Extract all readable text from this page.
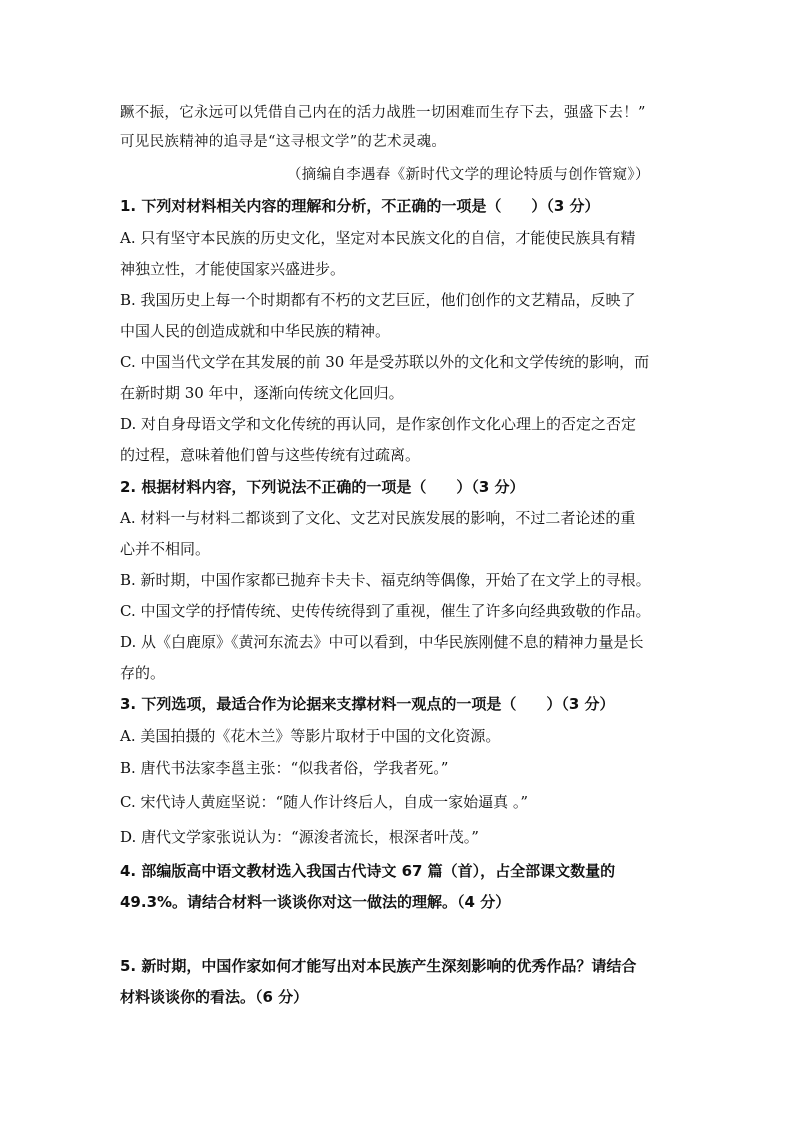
蹶不振，它永远可以凭借自己内在的活力战胜一切困难而生存下去，强盛下去！”
可见民族精神的追寻是“这寻根文学”的艺术灵魂。
（摘编自李遇春《新时代文学的理论特质与创作管窥》）
1. 下列对材料相关内容的理解和分析，不正确的一项是（　　）（3 分）
A. 只有坚守本民族的历史文化，坚定对本民族文化的自信，才能使民族具有精
神独立性，才能使国家兴盛进步。
B. 我国历史上每一个时期都有不朽的文艺巨匠，他们创作的文艺精品，反映了
中国人民的创造成就和中华民族的精神。
C. 中国当代文学在其发展的前 30 年是受苏联以外的文化和文学传统的影响，而
在新时期 30 年中，逐渐向传统文化回归。
D. 对自身母语文学和文化传统的再认同，是作家创作文化心理上的否定之否定
的过程，意味着他们曾与这些传统有过疏离。
2. 根据材料内容，下列说法不正确的一项是（　　）（3 分）
A. 材料一与材料二都谈到了文化、文艺对民族发展的影响，不过二者论述的重
心并不相同。
B. 新时期，中国作家都已抛弃卡夫卡、福克纳等偶像，开始了在文学上的寻根。
C. 中国文学的抒情传统、史传传统得到了重视，催生了许多向经典致敬的作品。
D. 从《白鹿原》《黄河东流去》中可以看到，中华民族刚健不息的精神力量是长
存的。
3. 下列选项，最适合作为论据来支撑材料一观点的一项是（　　）（3 分）
A. 美国拍摄的《花木兰》等影片取材于中国的文化资源。
B. 唐代书法家李邕主张：“似我者俗，学我者死。”
C. 宋代诗人黄庭坚说：“随人作计终后人，自成一家始逼真 。”
D. 唐代文学家张说认为：“源浚者流长，根深者叶茂。”
4. 部编版高中语文教材选入我国古代诗文 67 篇（首），占全部课文数量的
49.3%。请结合材料一谈谈你对这一做法的理解。（4 分）
5. 新时期，中国作家如何才能写出对本民族产生深刻影响的优秀作品？请结合
材料谈谈你的看法。（6 分）
